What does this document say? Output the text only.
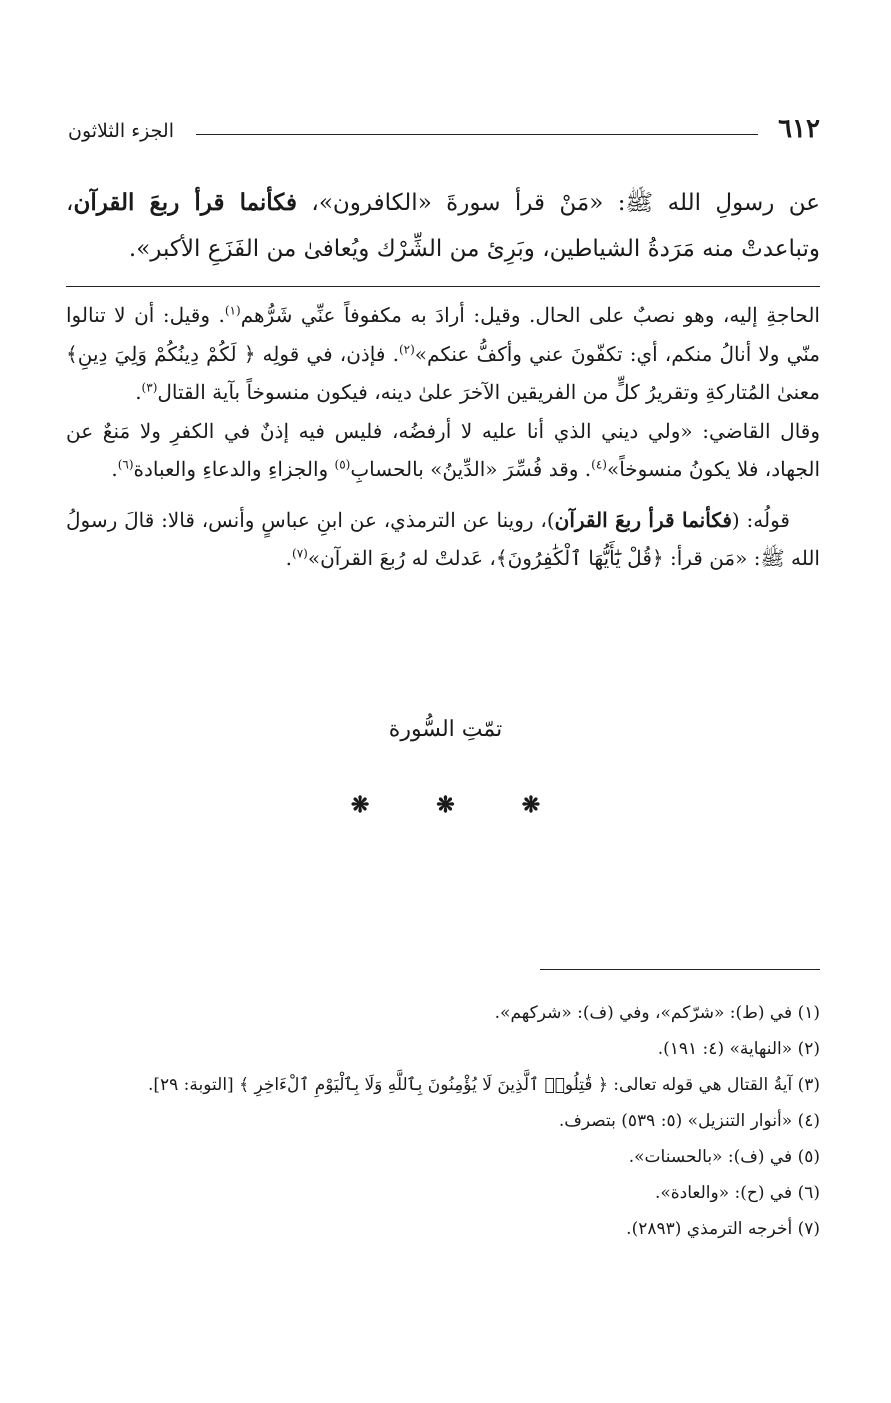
٦١٢
الجزء الثلاثون
عن رسولِ الله ﷺ: «مَنْ قرأ سورةَ «الكافرون»، فكأنما قرأ ربعَ القرآن، وتباعدتْ منه مَرَدةُ الشياطين، وبَرِئ من الشِّرْك ويُعافىٰ من الفَزَعِ الأكبر».

الحاجةِ إليه، وهو نصبٌ على الحال. وقيل: أرادَ به مكفوفاً عنِّي شَرُّهم$^{(١)}$. وقيل: أن لا تنالوا منّي ولا أنالُ منكم، أي: تكفّونَ عني وأكفُّ عنكم»$^{(٢)}$. فإذن، في قولِه ﴿ لَكُمْ دِينُكُمْ وَلِيَ دِينِ﴾ معنىٰ المُتاركةِ وتقريرُ كلٍّ من الفريقين الآخرَ علىٰ دينه، فيكون منسوخاً بآية القتال$^{(٣)}$.

وقال القاضي: «ولي ديني الذي أنا عليه لا أرفضُه، فليس فيه إذنٌ في الكفرِ ولا مَنعٌ عن الجهاد، فلا يكونُ منسوخاً»$^{(٤)}$. وقد فُسِّرَ «الدِّينُ» بالحسابِ$^{(٥)}$ والجزاءِ والدعاءِ والعبادة$^{(٦)}$.

قولُه: (فكأنما قرأ ربعَ القرآن)، روينا عن الترمذي، عن ابنِ عباسٍ وأنس، قالا: قالَ رسولُ الله ﷺ: «مَن قرأ: ﴿قُلْ يَٰٓأَيُّهَا ٱلْكَٰفِرُونَ﴾، عَدلتْ له رُبعَ القرآن»$^{(٧)}$.

تمّتِ السُّورة
❋ ❋ ❋
(١) في (ط): «شرّكم»، وفي (ف): «شركهم».
(٢) «النهاية» (٤: ١٩١).
(٣) آيةُ القتال هي قوله تعالى: ﴿ قَٰتِلُوا۟ ٱلَّذِينَ لَا يُؤْمِنُونَ بِٱللَّهِ وَلَا بِٱلْيَوْمِ ٱلْءَاخِرِ ﴾ [التوبة: ٢٩].
(٤) «أنوار التنزيل» (٥: ٥٣٩) بتصرف.
(٥) في (ف): «بالحسنات».
(٦) في (ح): «والعادة».
(٧) أخرجه الترمذي (٢٨٩٣).
